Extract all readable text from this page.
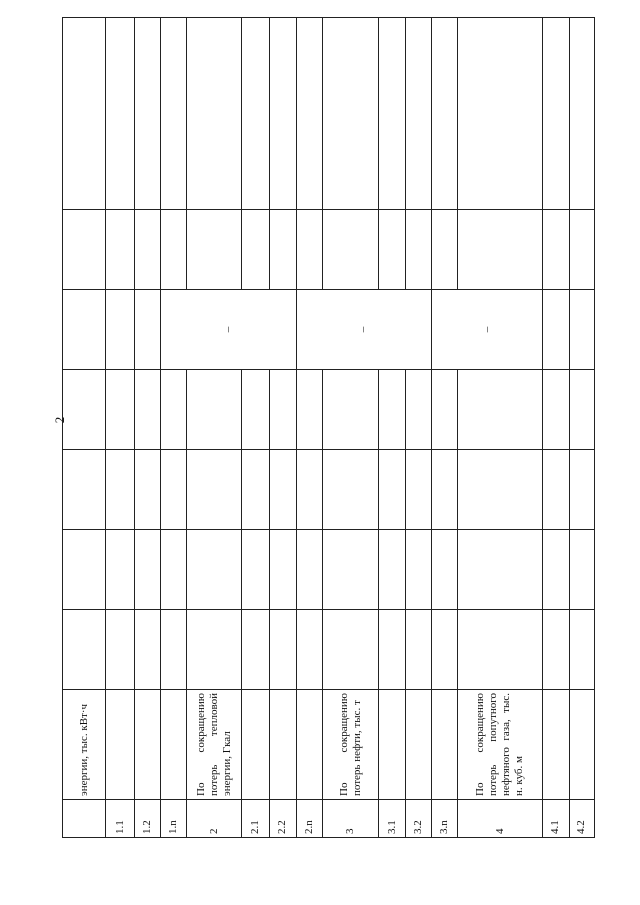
2
	энергии, тыс. кВт·ч							
1.1								
1.2								
1.n						–		
2	По сокращению потерь тепловой энергии, Гкал							
2.1								
2.2								
2.n						–		
3	По сокращению потерь нефти, тыс. т							
3.1								
3.2								
3.n						–		
4	По сокращению потерь попутного нефтяного газа, тыс. н. куб. м							
4.1								
4.2								
